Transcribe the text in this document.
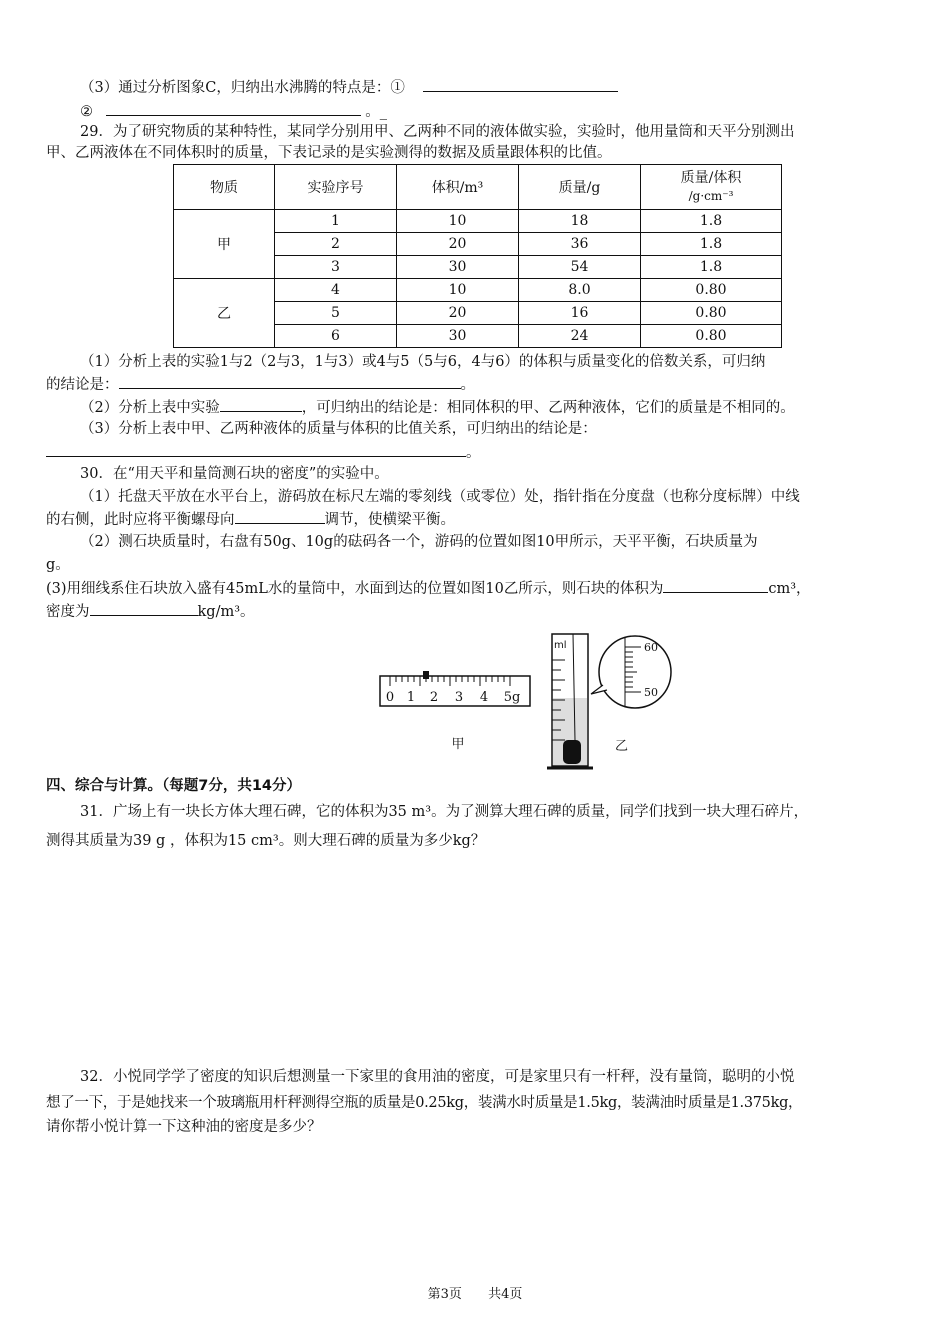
（3）通过分析图象C，归纳出水沸腾的特点是：①
②	。_
29．为了研究物质的某种特性，某同学分别用甲、乙两种不同的液体做实验，实验时，他用量筒和天平分别测出
甲、乙两液体在不同体积时的质量，下表记录的是实验测得的数据及质量跟体积的比值。
物质	实验序号	体积/m³	质量/g	质量/体积
/g·cm⁻³

甲	1	10	18	1.8
	2	20	36	1.8
	3	30	54	1.8
乙	4	10	8.0	0.80
	5	20	16	0.80
	6	30	24	0.80
（1）分析上表的实验1与2（2与3，1与3）或4与5（5与6，4与6）的体积与质量变化的倍数关系，可归纳
的结论是：	。
（2）分析上表中实验	，可归纳出的结论是：相同体积的甲、乙两种液体，它们的质量是不相同的。
（3）分析上表中甲、乙两种液体的质量与体积的比值关系，可归纳出的结论是：
。
30．在“用天平和量筒测石块的密度”的实验中。
（1）托盘天平放在水平台上，游码放在标尺左端的零刻线（或零位）处，指针指在分度盘（也称分度标牌）中线
的右侧，此时应将平衡螺母向	调节，使横梁平衡。
（2）测石块质量时，右盘有50g、10g的砝码各一个，游码的位置如图10甲所示，天平平衡，石块质量为
g。
(3)用细线系住石块放入盛有45mL水的量筒中，水面到达的位置如图10乙所示，则石块的体积为	cm³，
密度为	kg/m³。
0 1 2 3 4 5g
甲
ml	60
50
乙
四、综合与计算。（每题7分，共14分）
31．广场上有一块长方体大理石碑，它的体积为35 m³。为了测算大理石碑的质量，同学们找到一块大理石碎片，
测得其质量为39 g ，体积为15 cm³。则大理石碑的质量为多少kg？
32．小悦同学学了密度的知识后想测量一下家里的食用油的密度，可是家里只有一杆秤，没有量筒，聪明的小悦
想了一下，于是她找来一个玻璃瓶用杆秤测得空瓶的质量是0.25kg，装满水时质量是1.5kg，装满油时质量是1.375kg，
请你帮小悦计算一下这种油的密度是多少？
第3页 共4页
